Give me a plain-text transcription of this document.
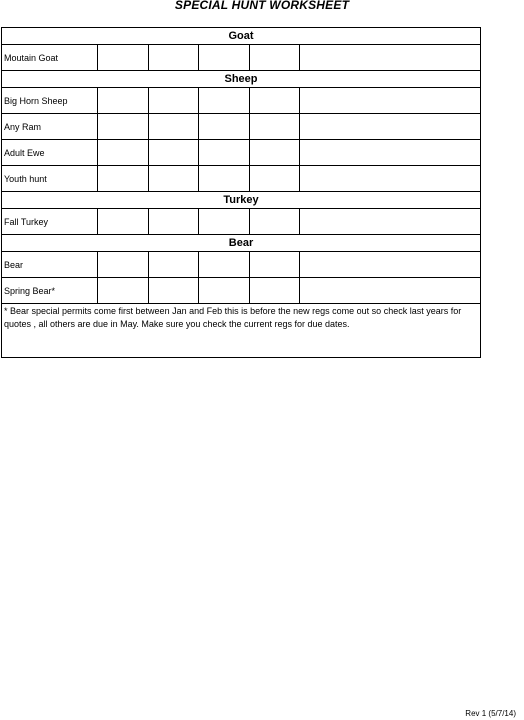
SPECIAL HUNT WORKSHEET
Goat					
Moutain Goat					
Sheep					
Big Horn Sheep					
Any Ram					
Adult Ewe					
Youth hunt					
Turkey					
Fall Turkey					
Bear					
Bear					
Spring Bear*					
* Bear special permits come first between Jan and Feb this is before the new regs come out so check last years for quotes , all others are due in May. Make sure you check the current regs for due dates.					
Rev 1 (5/7/14)
